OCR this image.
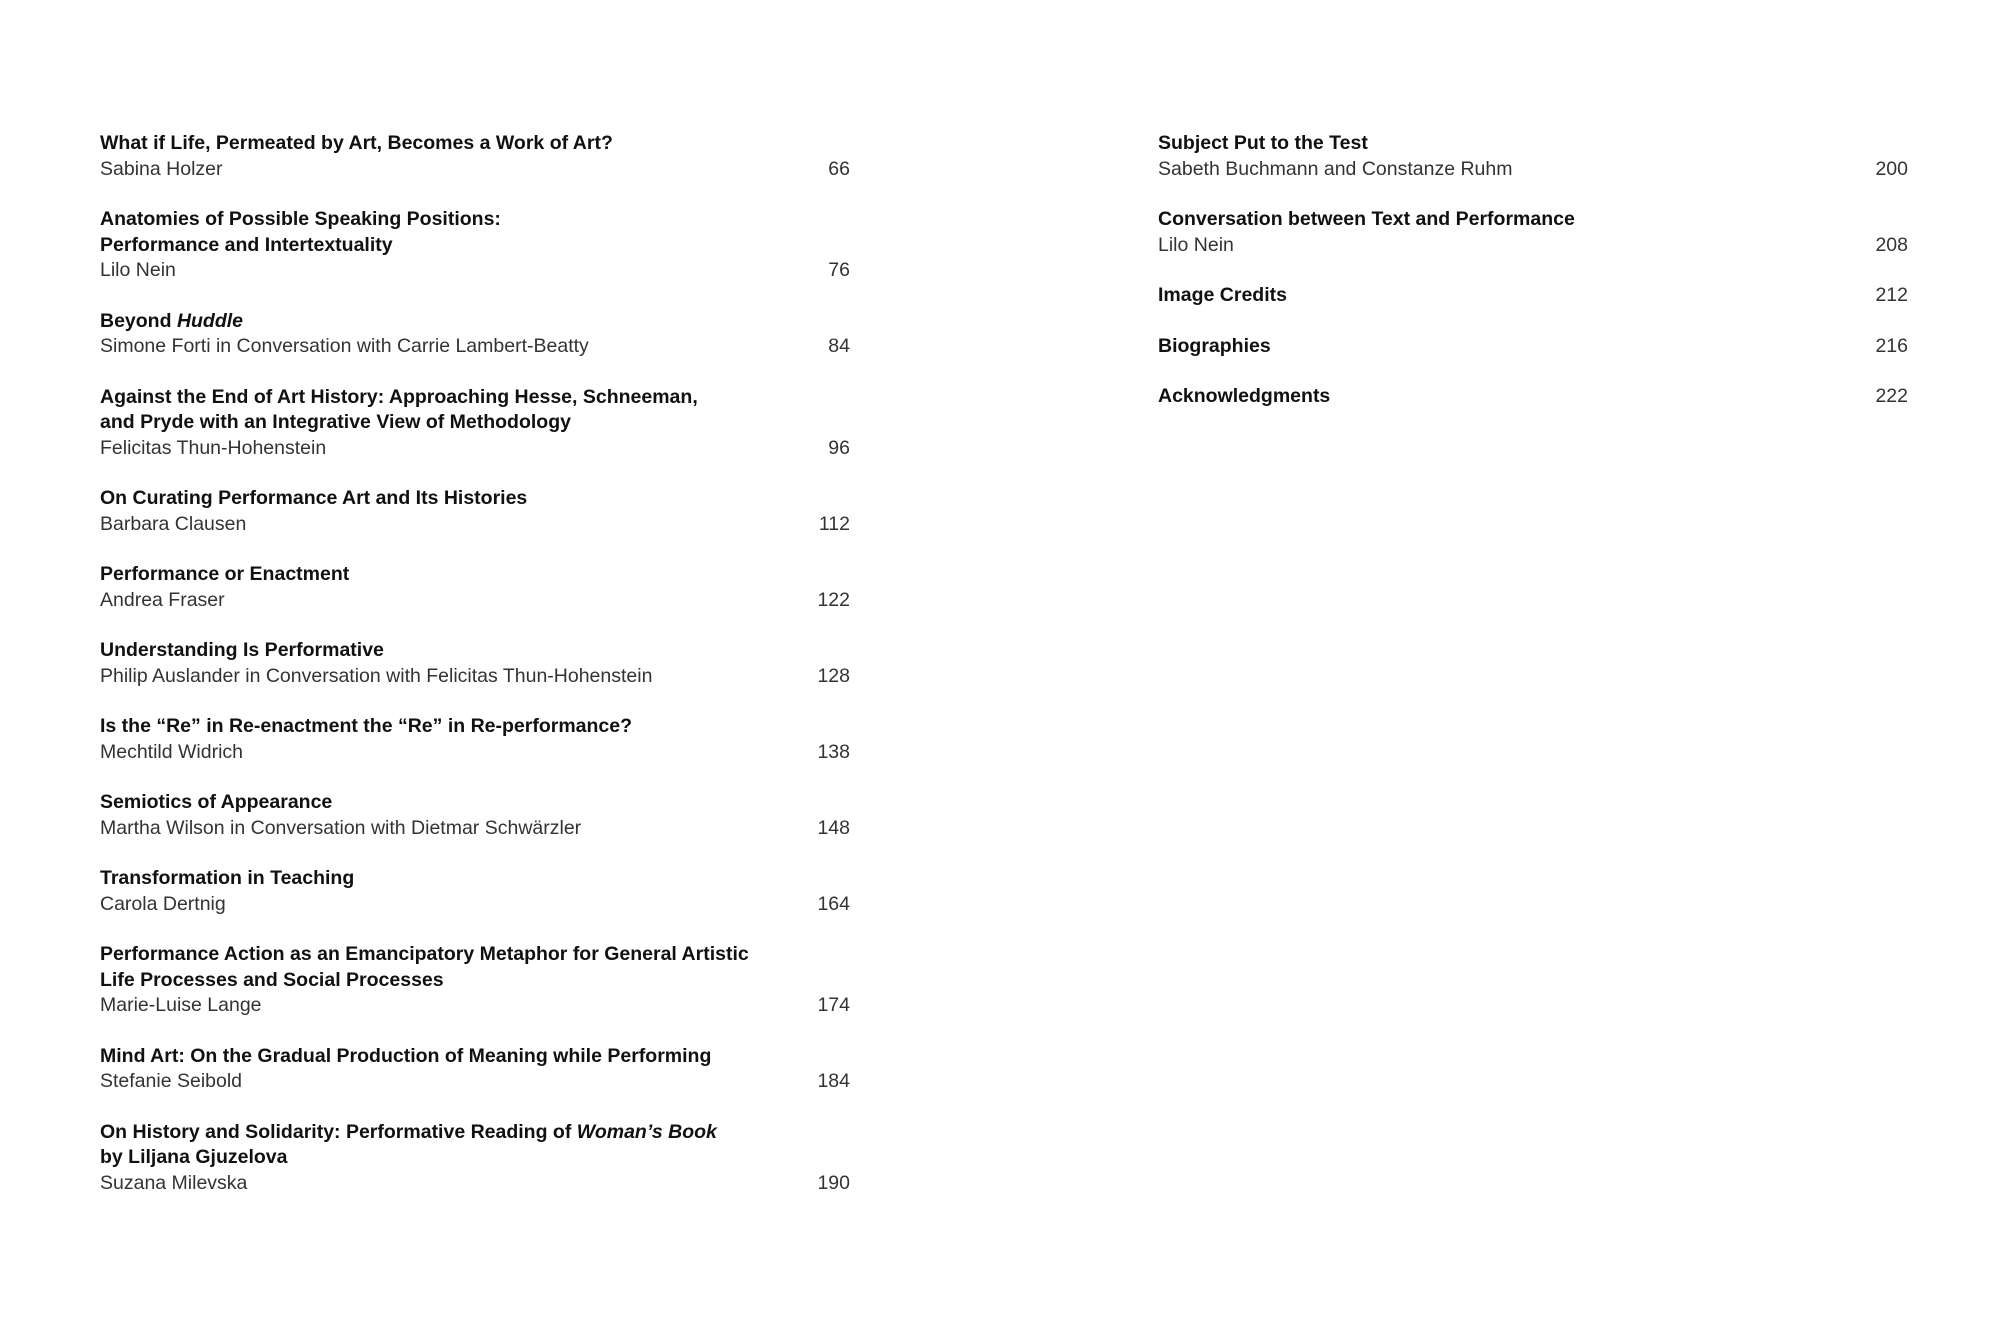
What if Life, Permeated by Art, Becomes a Work of Art?
Sabina Holzer	66
Anatomies of Possible Speaking Positions:
Performance and Intertextuality
Lilo Nein	76
Beyond Huddle
Simone Forti in Conversation with Carrie Lambert-Beatty	84
Against the End of Art History: Approaching Hesse, Schneeman,
and Pryde with an Integrative View of Methodology
Felicitas Thun-Hohenstein	96
On Curating Performance Art and Its Histories
Barbara Clausen	112
Performance or Enactment
Andrea Fraser	122
Understanding Is Performative
Philip Auslander in Conversation with Felicitas Thun-Hohenstein	128
Is the “Re” in Re-enactment the “Re” in Re-performance?
Mechtild Widrich	138
Semiotics of Appearance
Martha Wilson in Conversation with Dietmar Schwärzler	148
Transformation in Teaching
Carola Dertnig	164
Performance Action as an Emancipatory Metaphor for General Artistic
Life Processes and Social Processes
Marie-Luise Lange	174
Mind Art: On the Gradual Production of Meaning while Performing
Stefanie Seibold	184
On History and Solidarity: Performative Reading of Woman’s Book
by Liljana Gjuzelova
Suzana Milevska	190
Subject Put to the Test
Sabeth Buchmann and Constanze Ruhm	200
Conversation between Text and Performance
Lilo Nein	208
Image Credits	212
Biographies	216
Acknowledgments	222
